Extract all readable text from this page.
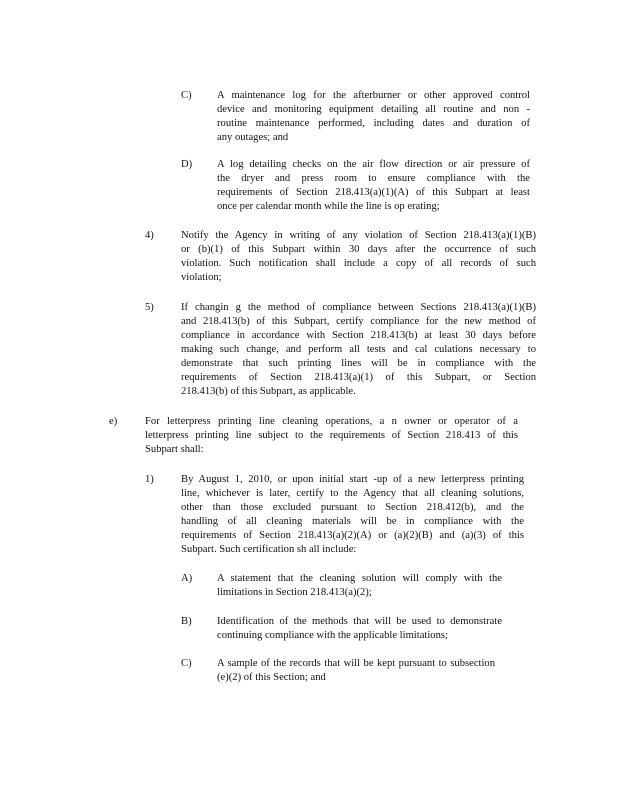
C) A maintenance log for the afterburner or other approved control
device and monitoring equipment detailing all routine and non -
routine maintenance performed, including dates and duration of
any outages; and
D) A log detailing checks on the air flow direction or air pressure of
the dryer and press room to ensure compliance with the
requirements of Section 218.413(a)(1)(A) of this Subpart at least
once per calendar month while the line is op erating;
4)	Notify the Agency in writing of any violation of Section 218.413(a)(1)(B)
or (b)(1) of this Subpart within 30 days after the occurrence of such
violation. Such notification shall include a copy of all records of such
violation;
5)	If changin g the method of compliance between Sections 218.413(a)(1)(B)
and 218.413(b) of this Subpart, certify compliance for the new method of
compliance in accordance with Section 218.413(b) at least 30 days before
making such change, and perform all tests and cal culations necessary to
demonstrate that such printing lines will be in compliance with the
requirements of Section 218.413(a)(1) of this Subpart, or Section
218.413(b) of this Subpart, as applicable.
e)	For letterpress printing line cleaning operations, a n owner or operator of a
letterpress printing line subject to the requirements of Section 218.413 of this
Subpart shall:
1)	By August 1, 2010, or upon initial start -up of a new letterpress printing
line, whichever is later, certify to the Agency that all cleaning solutions,
other than those excluded pursuant to Section 218.412(b), and the
handling of all cleaning materials will be in compliance with the
requirements of Section 218.413(a)(2)(A) or (a)(2)(B) and (a)(3) of this
Subpart. Such certification sh all include:
A) A statement that the cleaning solution will comply with the
limitations in Section 218.413(a)(2);
B) Identification of the methods that will be used to demonstrate
continuing compliance with the applicable limitations;
C) A sample of the records that will be kept pursuant to subsection
(e)(2) of this Section; and
